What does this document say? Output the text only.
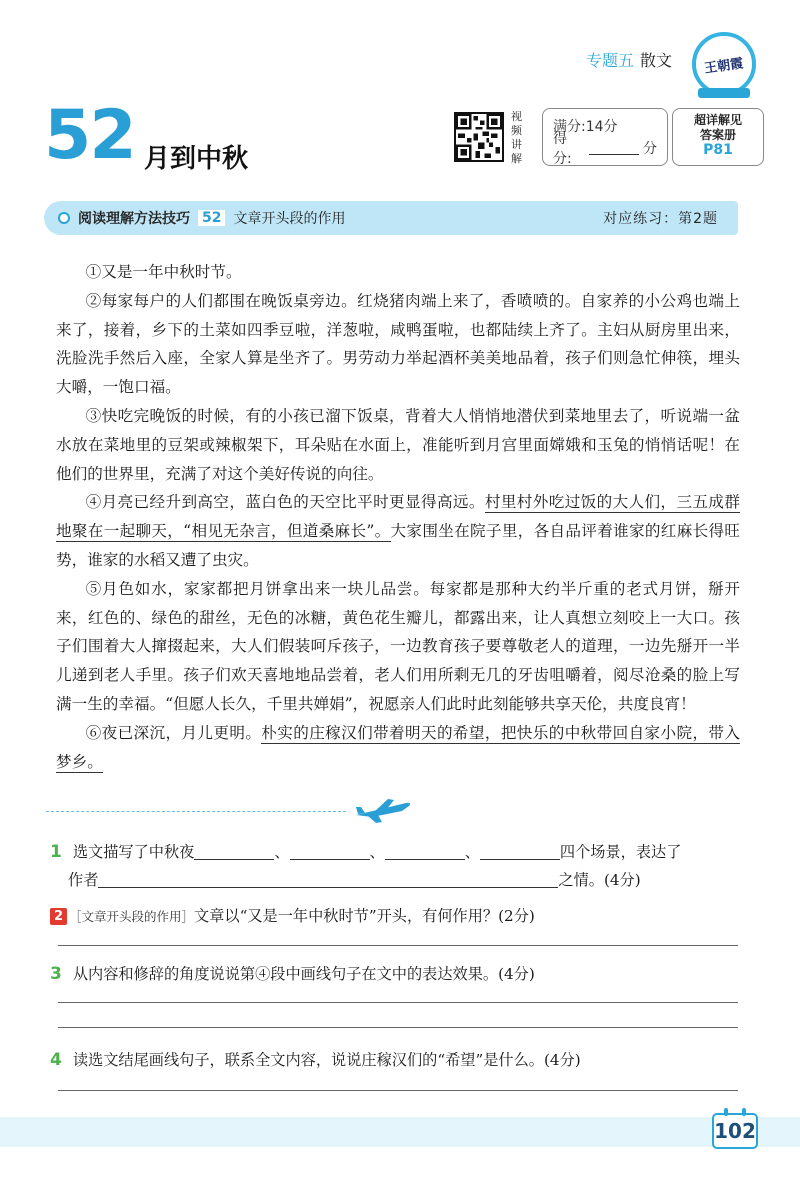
专题五 散文 王朝霞
52 月到中秋
视频讲解
满分:14分
得分:
分
超详解见
答案册
P81
阅读理解方法技巧 52 文章开头段的作用	对应练习：第2题

①又是一年中秋时节。

②每家每户的人们都围在晚饭桌旁边。红烧猪肉端上来了，香喷喷的。自家养的小公鸡也端上来了，接着，乡下的土菜如四季豆啦，洋葱啦，咸鸭蛋啦，也都陆续上齐了。主妇从厨房里出来，洗脸洗手然后入座，全家人算是坐齐了。男劳动力举起酒杯美美地品着，孩子们则急忙伸筷，埋头大嚼，一饱口福。

③快吃完晚饭的时候，有的小孩已溜下饭桌，背着大人悄悄地潜伏到菜地里去了，听说端一盆水放在菜地里的豆架或辣椒架下，耳朵贴在水面上，准能听到月宫里面嫦娥和玉兔的悄悄话呢！在他们的世界里，充满了对这个美好传说的向往。

④月亮已经升到高空，蓝白色的天空比平时更显得高远。村里村外吃过饭的大人们，三五成群地聚在一起聊天，“相见无杂言，但道桑麻长”。大家围坐在院子里，各自品评着谁家的红麻长得旺势，谁家的水稻又遭了虫灾。

⑤月色如水，家家都把月饼拿出来一块儿品尝。每家都是那种大约半斤重的老式月饼，掰开来，红色的、绿色的甜丝，无色的冰糖，黄色花生瓣儿，都露出来，让人真想立刻咬上一大口。孩子们围着大人撺掇起来，大人们假装呵斥孩子，一边教育孩子要尊敬老人的道理，一边先掰开一半儿递到老人手里。孩子们欢天喜地地品尝着，老人们用所剩无几的牙齿咀嚼着，阅尽沧桑的脸上写满一生的幸福。“但愿人长久，千里共婵娟”，祝愿亲人们此时此刻能够共享天伦，共度良宵！

⑥夜已深沉，月儿更明。朴实的庄稼汉们带着明天的希望，把快乐的中秋带回自家小院，带入梦乡。

1 选文描写了中秋夜	、	、	、	四个场景，表达了
作者	之情。(4分)
2 ［文章开头段的作用］文章以“又是一年中秋时节”开头，有何作用？(2分)
3 从内容和修辞的角度说说第④段中画线句子在文中的表达效果。(4分)
4 读选文结尾画线句子，联系全文内容，说说庄稼汉们的“希望”是什么。(4分)
102
